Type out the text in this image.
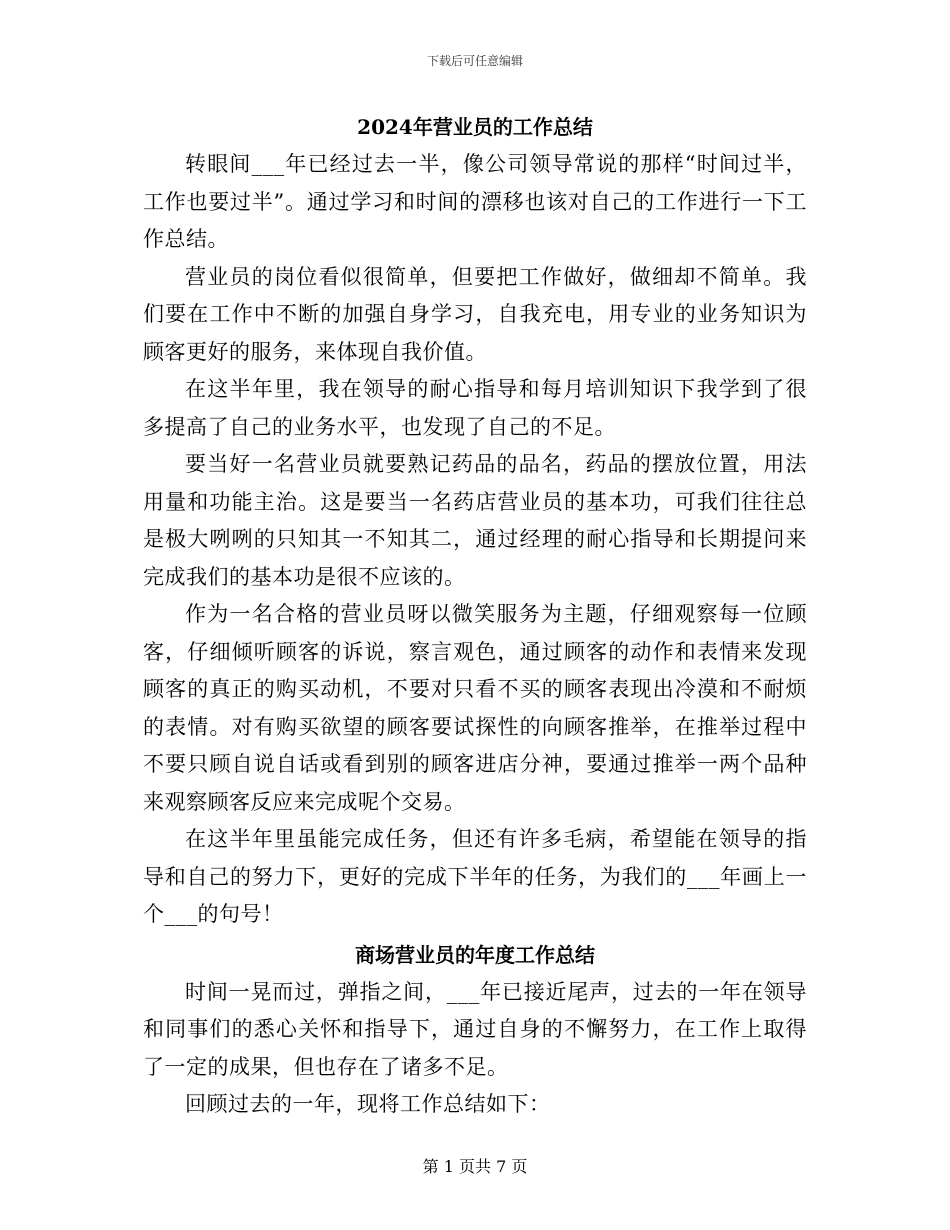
下载后可任意编辑
2024年营业员的工作总结

转眼间___年已经过去一半，像公司领导常说的那样“时间过半，工作也要过半”。通过学习和时间的漂移也该对自己的工作进行一下工作总结。

营业员的岗位看似很简单，但要把工作做好，做细却不简单。我们要在工作中不断的加强自身学习，自我充电，用专业的业务知识为顾客更好的服务，来体现自我价值。

在这半年里，我在领导的耐心指导和每月培训知识下我学到了很多提高了自己的业务水平，也发现了自己的不足。

要当好一名营业员就要熟记药品的品名，药品的摆放位置，用法用量和功能主治。这是要当一名药店营业员的基本功，可我们往往总是极大咧咧的只知其一不知其二，通过经理的耐心指导和长期提问来完成我们的基本功是很不应该的。

作为一名合格的营业员呀以微笑服务为主题，仔细观察每一位顾客，仔细倾听顾客的诉说，察言观色，通过顾客的动作和表情来发现顾客的真正的购买动机，不要对只看不买的顾客表现出冷漠和不耐烦的表情。对有购买欲望的顾客要试探性的向顾客推举，在推举过程中不要只顾自说自话或看到别的顾客进店分神，要通过推举一两个品种来观察顾客反应来完成呢个交易。

在这半年里虽能完成任务，但还有许多毛病，希望能在领导的指导和自己的努力下，更好的完成下半年的任务，为我们的___年画上一个___的句号！

商场营业员的年度工作总结

时间一晃而过，弹指之间，___年已接近尾声，过去的一年在领导和同事们的悉心关怀和指导下，通过自身的不懈努力，在工作上取得了一定的成果，但也存在了诸多不足。

回顾过去的一年，现将工作总结如下：

第 1 页共 7 页
